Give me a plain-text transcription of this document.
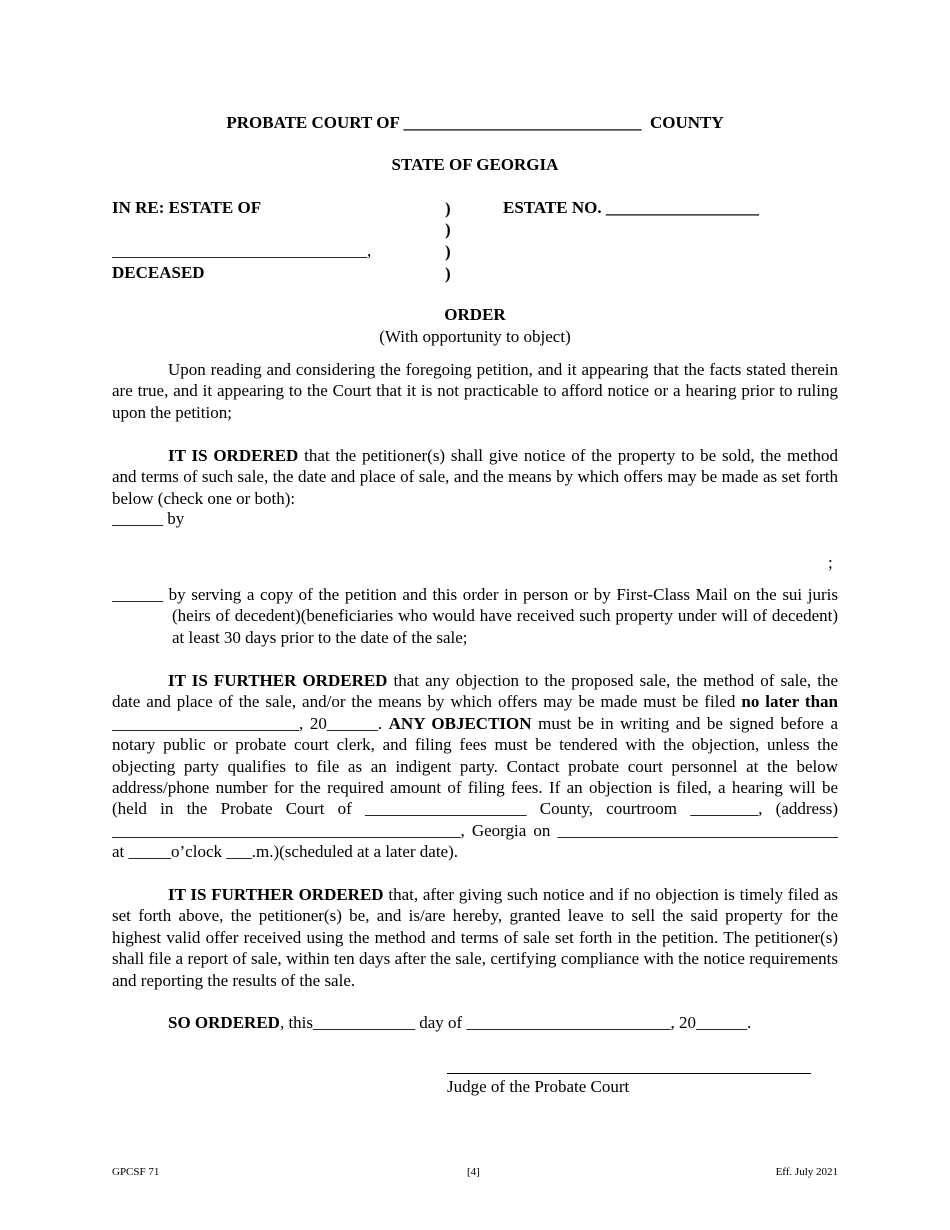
PROBATE COURT OF ____________________________ COUNTY
STATE OF GEORGIA
IN RE: ESTATE OF
______________________________,
DECEASED
)
)
)
)
ESTATE NO. __________________
ORDER
(With opportunity to object)
Upon reading and considering the foregoing petition, and it appearing that the facts stated therein are true, and it appearing to the Court that it is not practicable to afford notice or a hearing prior to ruling upon the petition;
IT IS ORDERED that the petitioner(s) shall give notice of the property to be sold, the method and terms of such sale, the date and place of sale, and the means by which offers may be made as set forth below (check one or both):
______ by
;
______ by serving a copy of the petition and this order in person or by First-Class Mail on the sui juris (heirs of decedent)(beneficiaries who would have received such property under will of decedent) at least 30 days prior to the date of the sale;
IT IS FURTHER ORDERED that any objection to the proposed sale, the method of sale, the date and place of the sale, and/or the means by which offers may be made must be filed no later than ______________________, 20______. ANY OBJECTION must be in writing and be signed before a notary public or probate court clerk, and filing fees must be tendered with the objection, unless the objecting party qualifies to file as an indigent party. Contact probate court personnel at the below address/phone number for the required amount of filing fees. If an objection is filed, a hearing will be (held in the Probate Court of ___________________ County, courtroom ________, (address) _________________________________________, Georgia on _________________________________ at _____o’clock ___.m.)(scheduled at a later date).
IT IS FURTHER ORDERED that, after giving such notice and if no objection is timely filed as set forth above, the petitioner(s) be, and is/are hereby, granted leave to sell the said property for the highest valid offer received using the method and terms of sale set forth in the petition. The petitioner(s) shall file a report of sale, within ten days after the sale, certifying compliance with the notice requirements and reporting the results of the sale.
SO ORDERED, this____________ day of ________________________, 20______.
Judge of the Probate Court
GPCSF 71	[4]	Eff. July 2021
